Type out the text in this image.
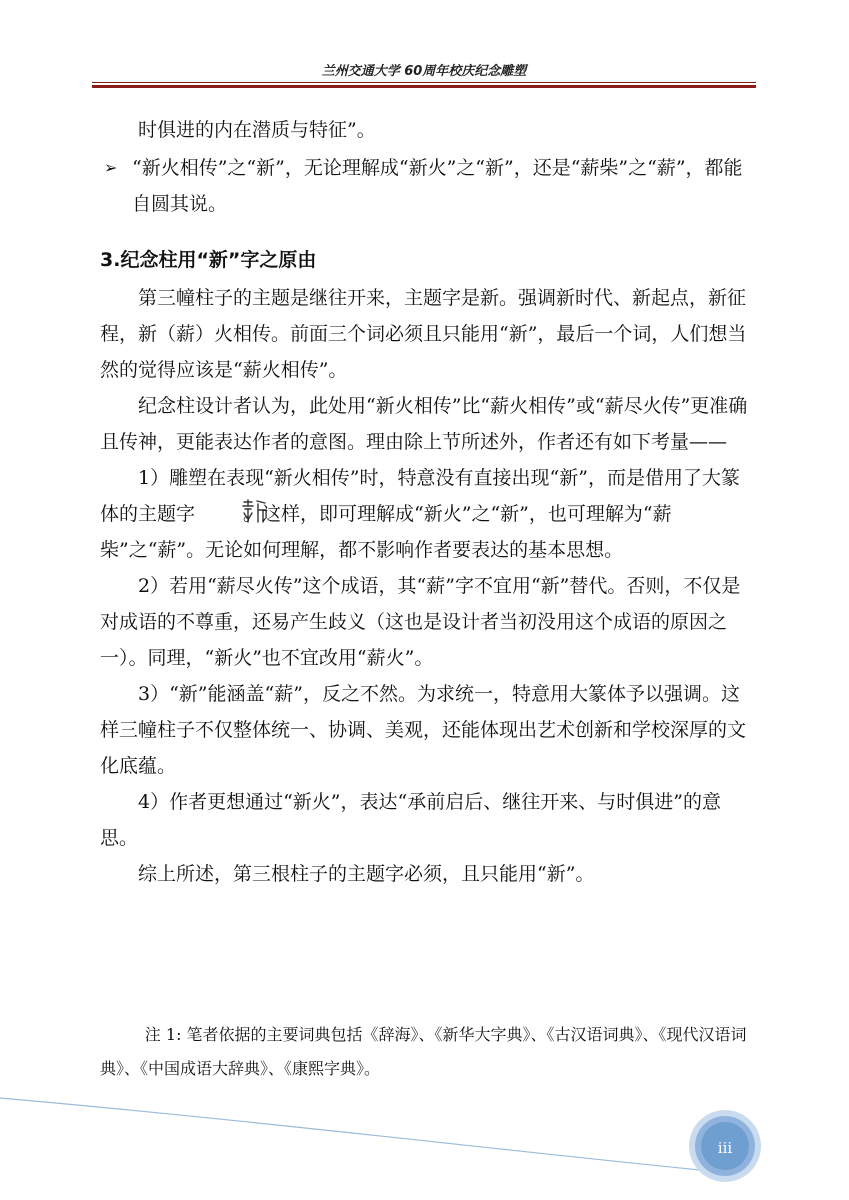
兰州交通大学 60周年校庆纪念雕塑

时俱进的内在潜质与特征”。

➢ “新火相传”之“新”，无论理解成“新火”之“新”，还是“薪柴”之“薪”，都能自圆其说。

3.纪念柱用“新”字之原由

第三幢柱子的主题是继往开来，主题字是新。强调新时代、新起点，新征程，新（薪）火相传。前面三个词必须且只能用“新”，最后一个词，人们想当然的觉得应该是“薪火相传”。

纪念柱设计者认为，此处用“新火相传”比“薪火相传”或“薪尽火传”更准确且传神，更能表达作者的意图。理由除上节所述外，作者还有如下考量——

1）雕塑在表现“新火相传”时，特意没有直接出现“新”，而是借用了大篆体的主题字	。这样，即可理解成“新火”之“新”，也可理解为“薪柴”之“薪”。无论如何理解，都不影响作者要表达的基本思想。

2）若用“薪尽火传”这个成语，其“薪”字不宜用“新”替代。否则，不仅是对成语的不尊重，还易产生歧义（这也是设计者当初没用这个成语的原因之一）。同理，“新火”也不宜改用“薪火”。

3）“新”能涵盖“薪”，反之不然。为求统一，特意用大篆体予以强调。这样三幢柱子不仅整体统一、协调、美观，还能体现出艺术创新和学校深厚的文化底蕴。

4）作者更想通过“新火”，表达“承前启后、继往开来、与时俱进”的意思。

综上所述，第三根柱子的主题字必须，且只能用“新”。

注 1: 笔者依据的主要词典包括《辞海》、《新华大字典》、《古汉语词典》、《现代汉语词典》、《中国成语大辞典》、《康熙字典》。

iii
